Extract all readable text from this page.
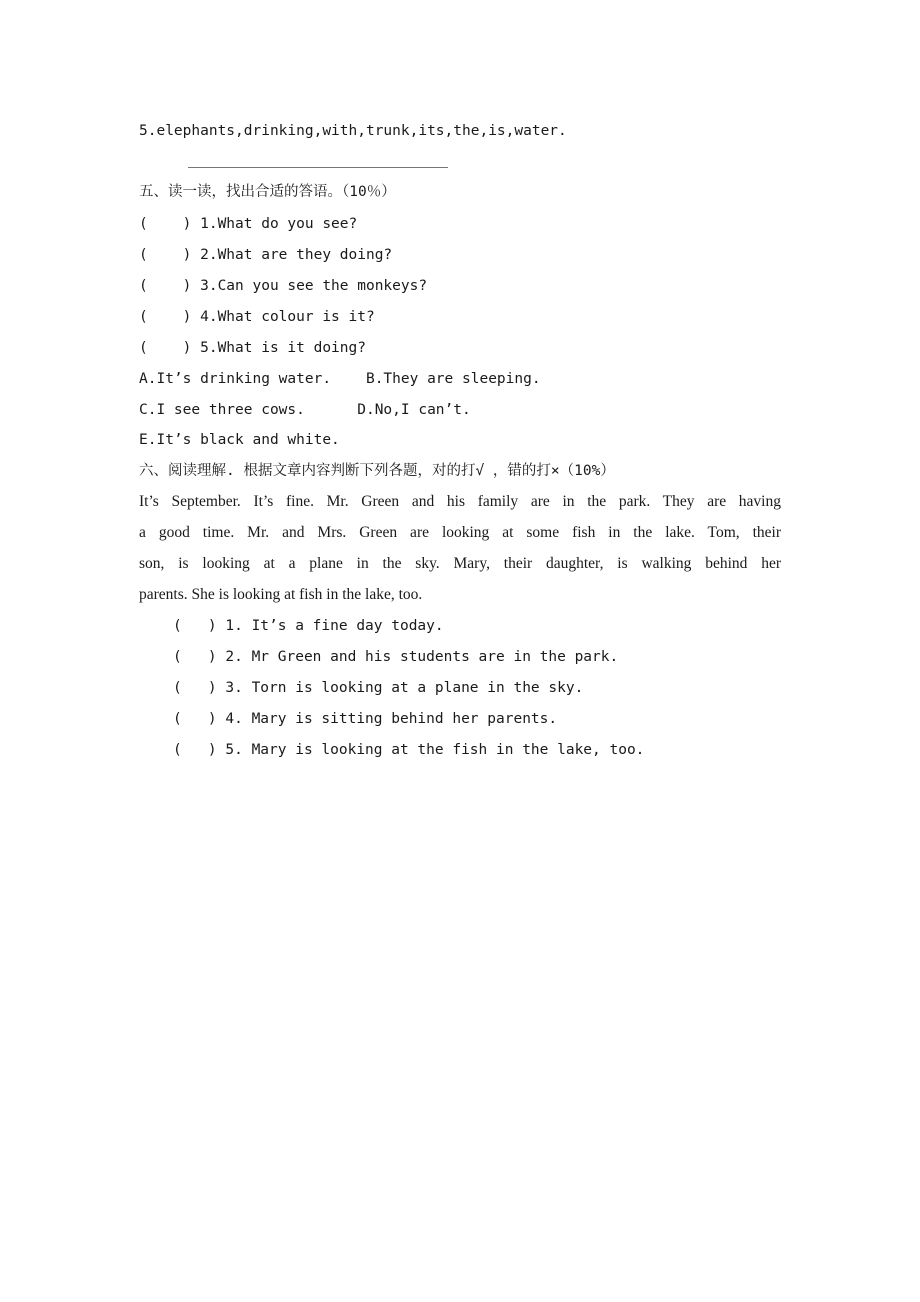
5.elephants,drinking,with,trunk,its,the,is,water.
五、读一读，找出合适的答语。（10％）
(    ) 1.What do you see?
(    ) 2.What are they doing?
(    ) 3.Can you see the monkeys?
(    ) 4.What colour is it?
(    ) 5.What is it doing?
A.It’s drinking water.    B.They are sleeping.
C.I see three cows.      D.No,I can’t.
E.It’s black and white.
六、阅读理解. 根据文章内容判断下列各题，对的打√ ，错的打×（10%）
It’s September. It’s fine. Mr. Green and his family are in the park. They are having
a good time. Mr. and Mrs. Green are looking at some fish in the lake. Tom, their
son, is looking at a plane in the sky. Mary, their daughter, is walking behind her
parents. She is looking at fish in the lake, too.
(   ) 1. It’s a fine day today.
(   ) 2. Mr Green and his students are in the park.
(   ) 3. Torn is looking at a plane in the sky.
(   ) 4. Mary is sitting behind her parents.
(   ) 5. Mary is looking at the fish in the lake, too.
